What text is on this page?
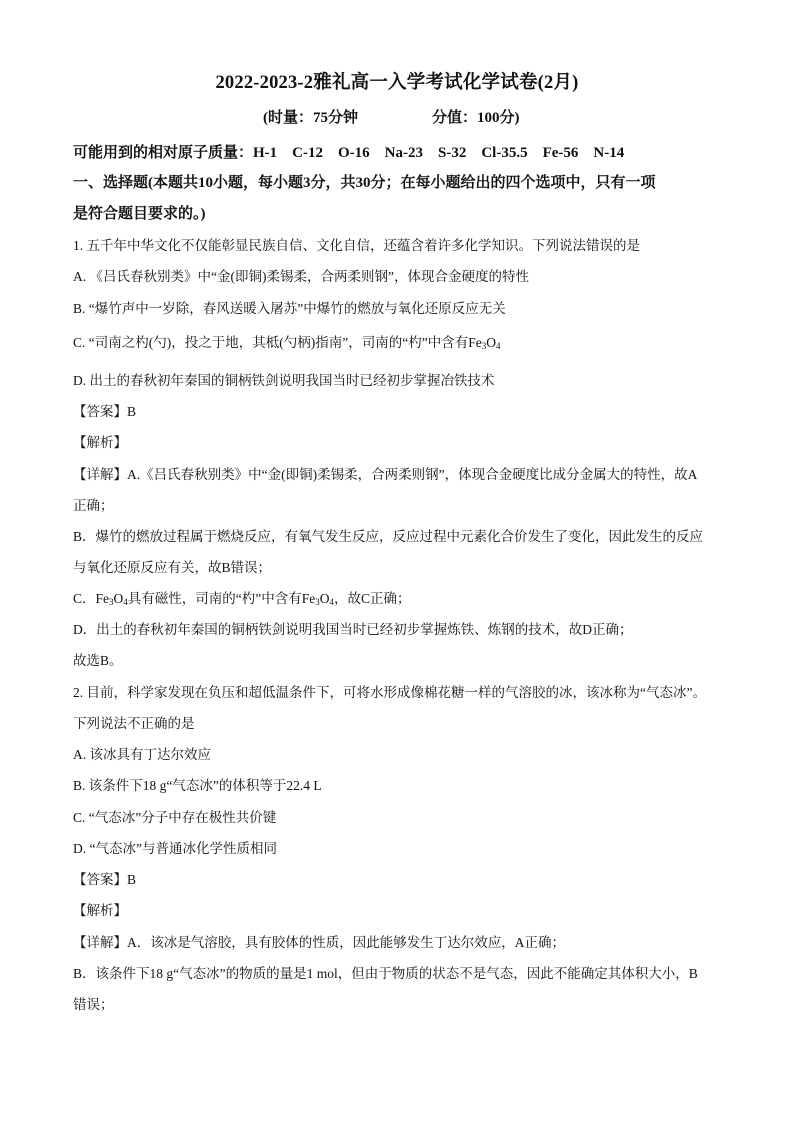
2022-2023-2雅礼高一入学考试化学试卷(2月)
(时量：75分钟	分值：100分)
可能用到的相对原子质量：H-1　C-12　O-16　Na-23　S-32　Cl-35.5　Fe-56　N-14
一、选择题(本题共10小题，每小题3分，共30分；在每小题给出的四个选项中，只有一项
是符合题目要求的。)
1. 五千年中华文化不仅能彰显民族自信、文化自信，还蕴含着许多化学知识。下列说法错误的是
A. 《吕氏春秋别类》中“金(即铜)柔锡柔，合两柔则钢”，体现合金硬度的特性
B. “爆竹声中一岁除，春风送暖入屠苏”中爆竹的燃放与氧化还原反应无关
C. “司南之杓(勺)，投之于地，其柢(勺柄)指南”，司南的“杓”中含有$Fe_3O_4$
D. 出土的春秋初年秦国的铜柄铁剑说明我国当时已经初步掌握冶铁技术
【答案】B
【解析】
【详解】A.《吕氏春秋别类》中“金(即铜)柔锡柔，合两柔则钢”，体现合金硬度比成分金属大的特性，故A
正确；
B．爆竹的燃放过程属于燃烧反应，有氧气发生反应，反应过程中元素化合价发生了变化，因此发生的反应
与氧化还原反应有关，故B错误；
C．$Fe_3O_4$具有磁性，司南的“杓”中含有$Fe_3O_4$，故C正确；
D．出土的春秋初年秦国的铜柄铁剑说明我国当时已经初步掌握炼铁、炼钢的技术，故D正确；
故选B。
2. 目前，科学家发现在负压和超低温条件下，可将水形成像棉花糖一样的气溶胶的冰，该冰称为“气态冰”。
下列说法不正确的是
A. 该冰具有丁达尔效应
B. 该条件下18 g“气态冰”的体积等于22.4 L
C. “气态冰”分子中存在极性共价键
D. “气态冰”与普通冰化学性质相同
【答案】B
【解析】
【详解】A．该冰是气溶胶，具有胶体的性质，因此能够发生丁达尔效应，A正确；
B．该条件下18 g“气态冰”的物质的量是1 mol，但由于物质的状态不是气态，因此不能确定其体积大小，B
错误；
